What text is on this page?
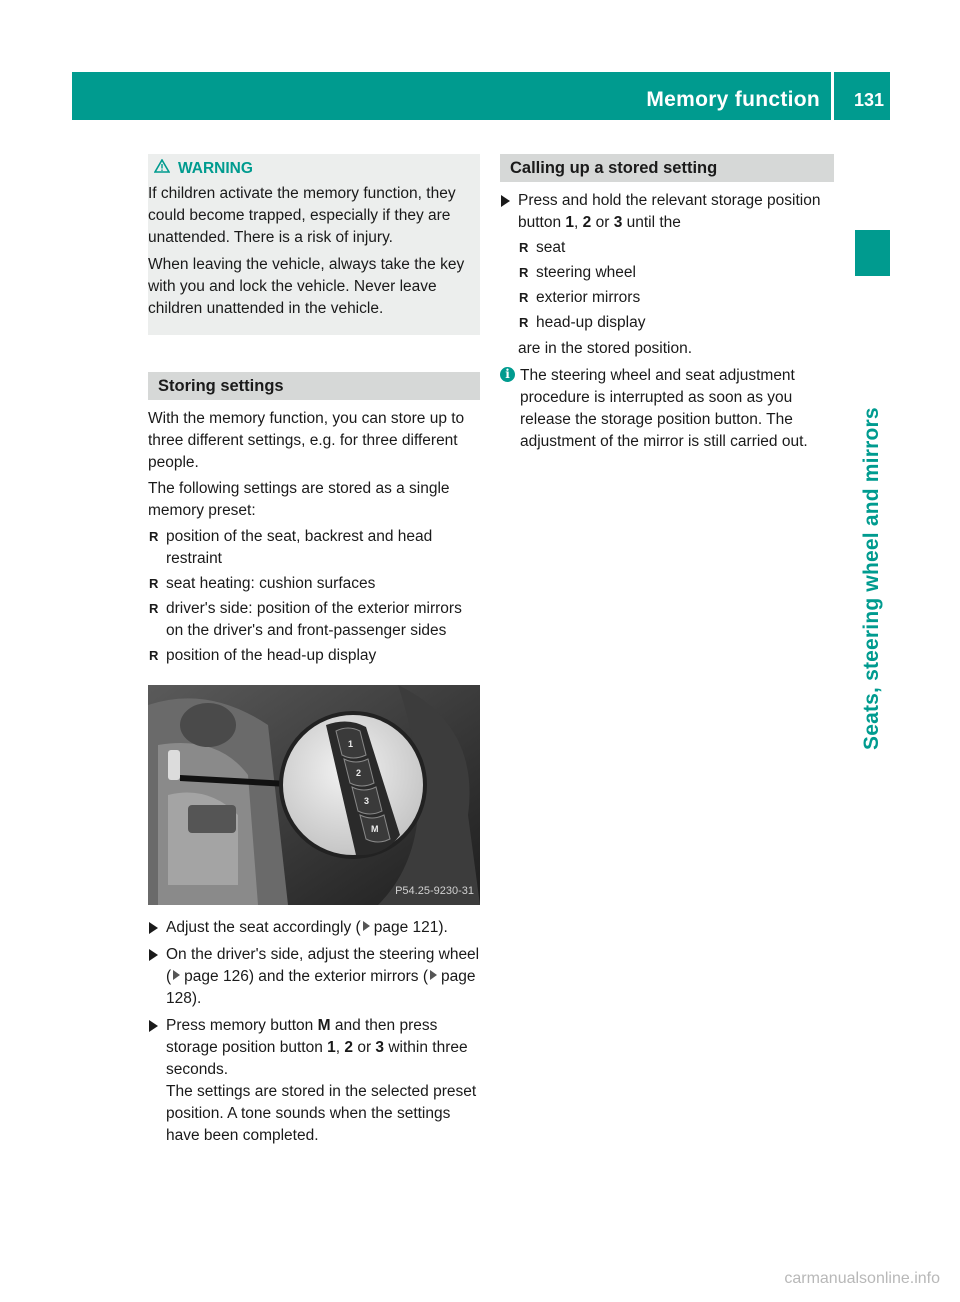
Memory function 131
Seats, steering wheel and mirrors
WARNING

If children activate the memory function, they could become trapped, especially if they are unattended. There is a risk of injury.

When leaving the vehicle, always take the key with you and lock the vehicle. Never leave children unattended in the vehicle.

Storing settings

With the memory function, you can store up to three different settings, e.g. for three different people.

The following settings are stored as a single memory preset:

R position of the seat, backrest and head restraint
R seat heating: cushion surfaces
R driver's side: position of the exterior mirrors on the driver's and front-passenger sides
R position of the head-up display
1
2
3
M
P54.25-9230-31
Adjust the seat accordingly ( page 121).
On the driver's side, adjust the steering wheel ( page 126) and the exterior mirrors ( page 128).
Press memory button M and then press storage position button 1, 2 or 3 within three seconds.
The settings are stored in the selected preset position. A tone sounds when the settings have been completed.
Calling up a stored setting
Press and hold the relevant storage position button 1, 2 or 3 until the
R seat
R steering wheel
R exterior mirrors
R head-up display
are in the stored position.
i The steering wheel and seat adjustment procedure is interrupted as soon as you release the storage position button. The adjustment of the mirror is still carried out.
carmanualsonline.info
